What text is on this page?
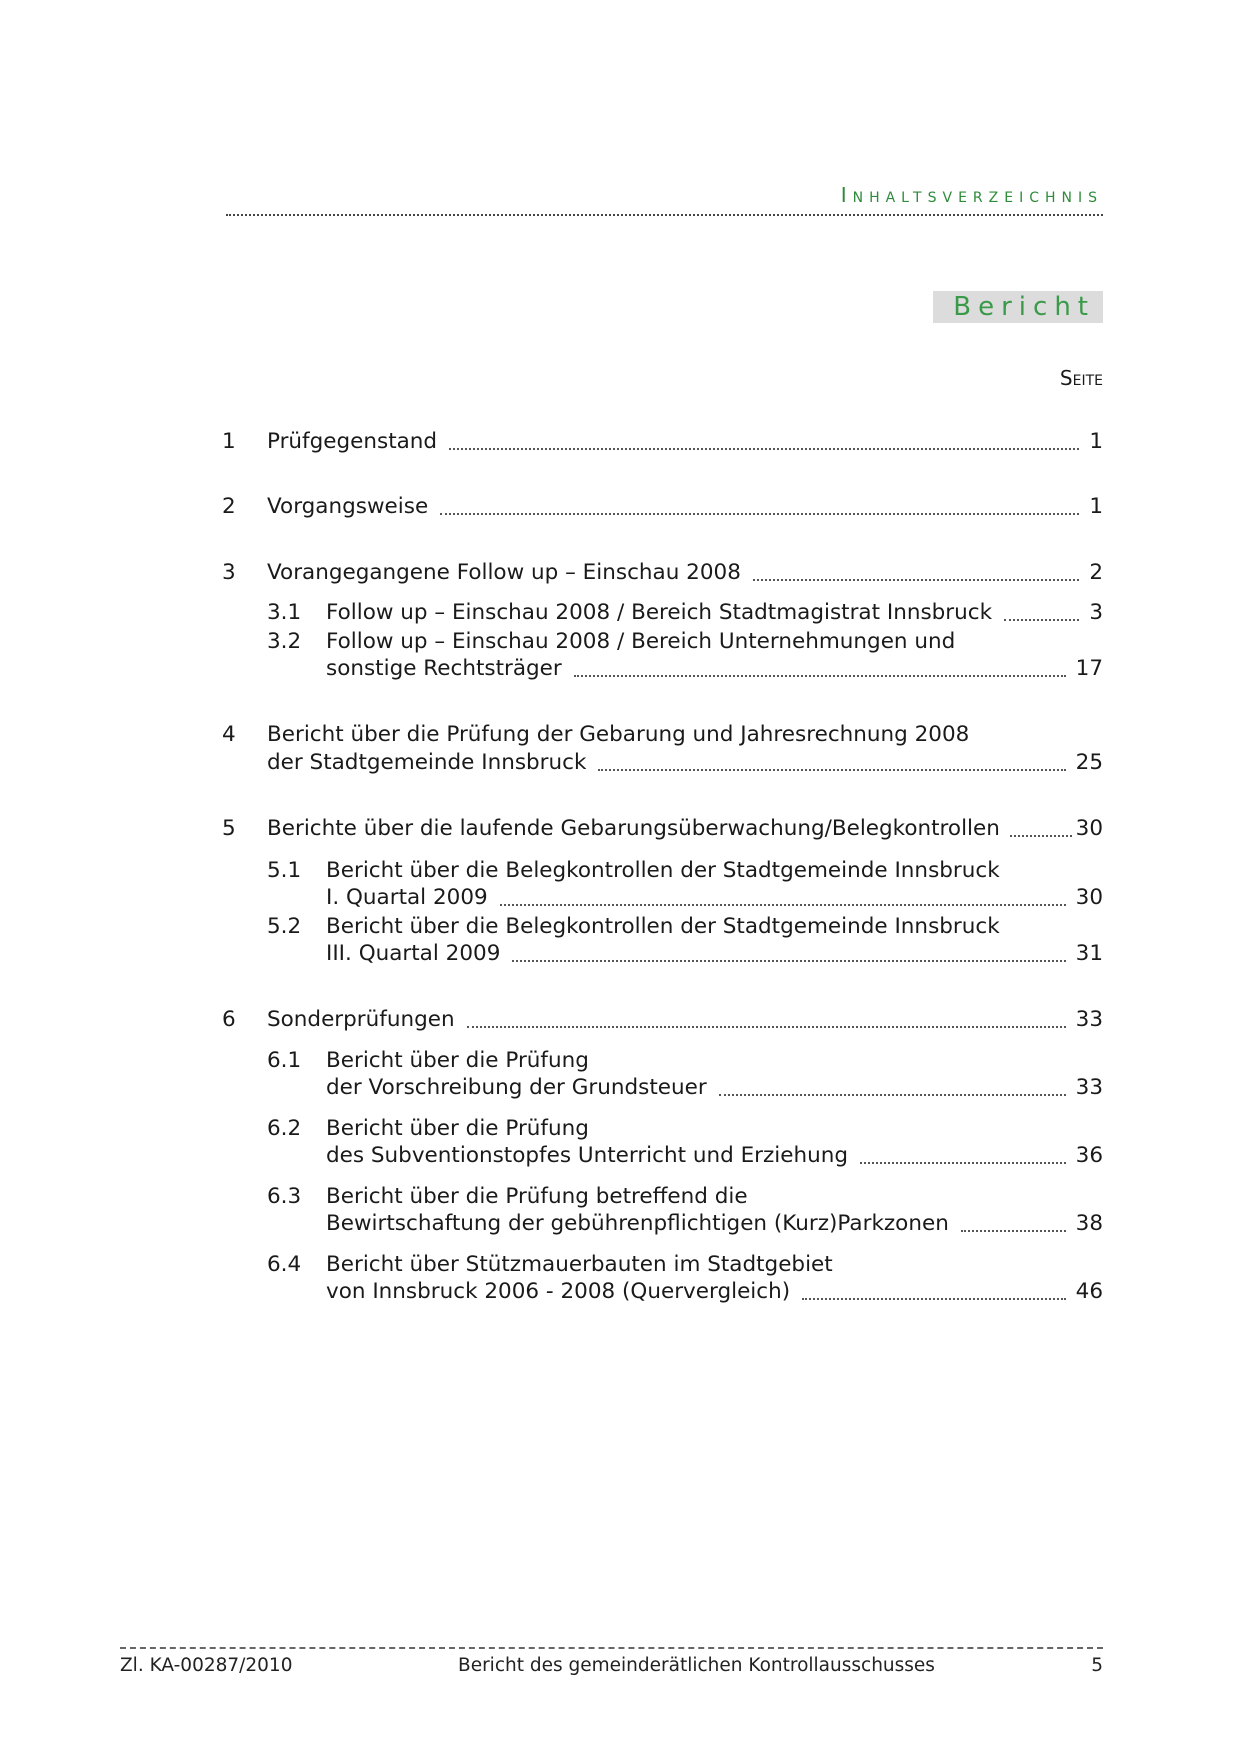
Inhaltsverzeichnis
Bericht
Seite
1 Prüfgegenstand	1
2 Vorgangsweise	1
3 Vorangegangene Follow up – Einschau 2008	2
3.1 Follow up – Einschau 2008 / Bereich Stadtmagistrat Innsbruck	3
3.2 Follow up – Einschau 2008 / Bereich Unternehmungen und
sonstige Rechtsträger	17
4 Bericht über die Prüfung der Gebarung und Jahresrechnung 2008
der Stadtgemeinde Innsbruck	25
5 Berichte über die laufende Gebarungsüberwachung/Belegkontrollen	30
5.1 Bericht über die Belegkontrollen der Stadtgemeinde Innsbruck
I. Quartal 2009	30
5.2 Bericht über die Belegkontrollen der Stadtgemeinde Innsbruck
III. Quartal 2009	31
6 Sonderprüfungen	33
6.1 Bericht über die Prüfung
der Vorschreibung der Grundsteuer	33
6.2 Bericht über die Prüfung
des Subventionstopfes Unterricht und Erziehung	36
6.3 Bericht über die Prüfung betreffend die
Bewirtschaftung der gebührenpflichtigen (Kurz)Parkzonen	38
6.4 Bericht über Stützmauerbauten im Stadtgebiet
von Innsbruck 2006 - 2008 (Quervergleich)	46
Zl. KA-00287/2010	Bericht des gemeinderätlichen Kontrollausschusses	5
